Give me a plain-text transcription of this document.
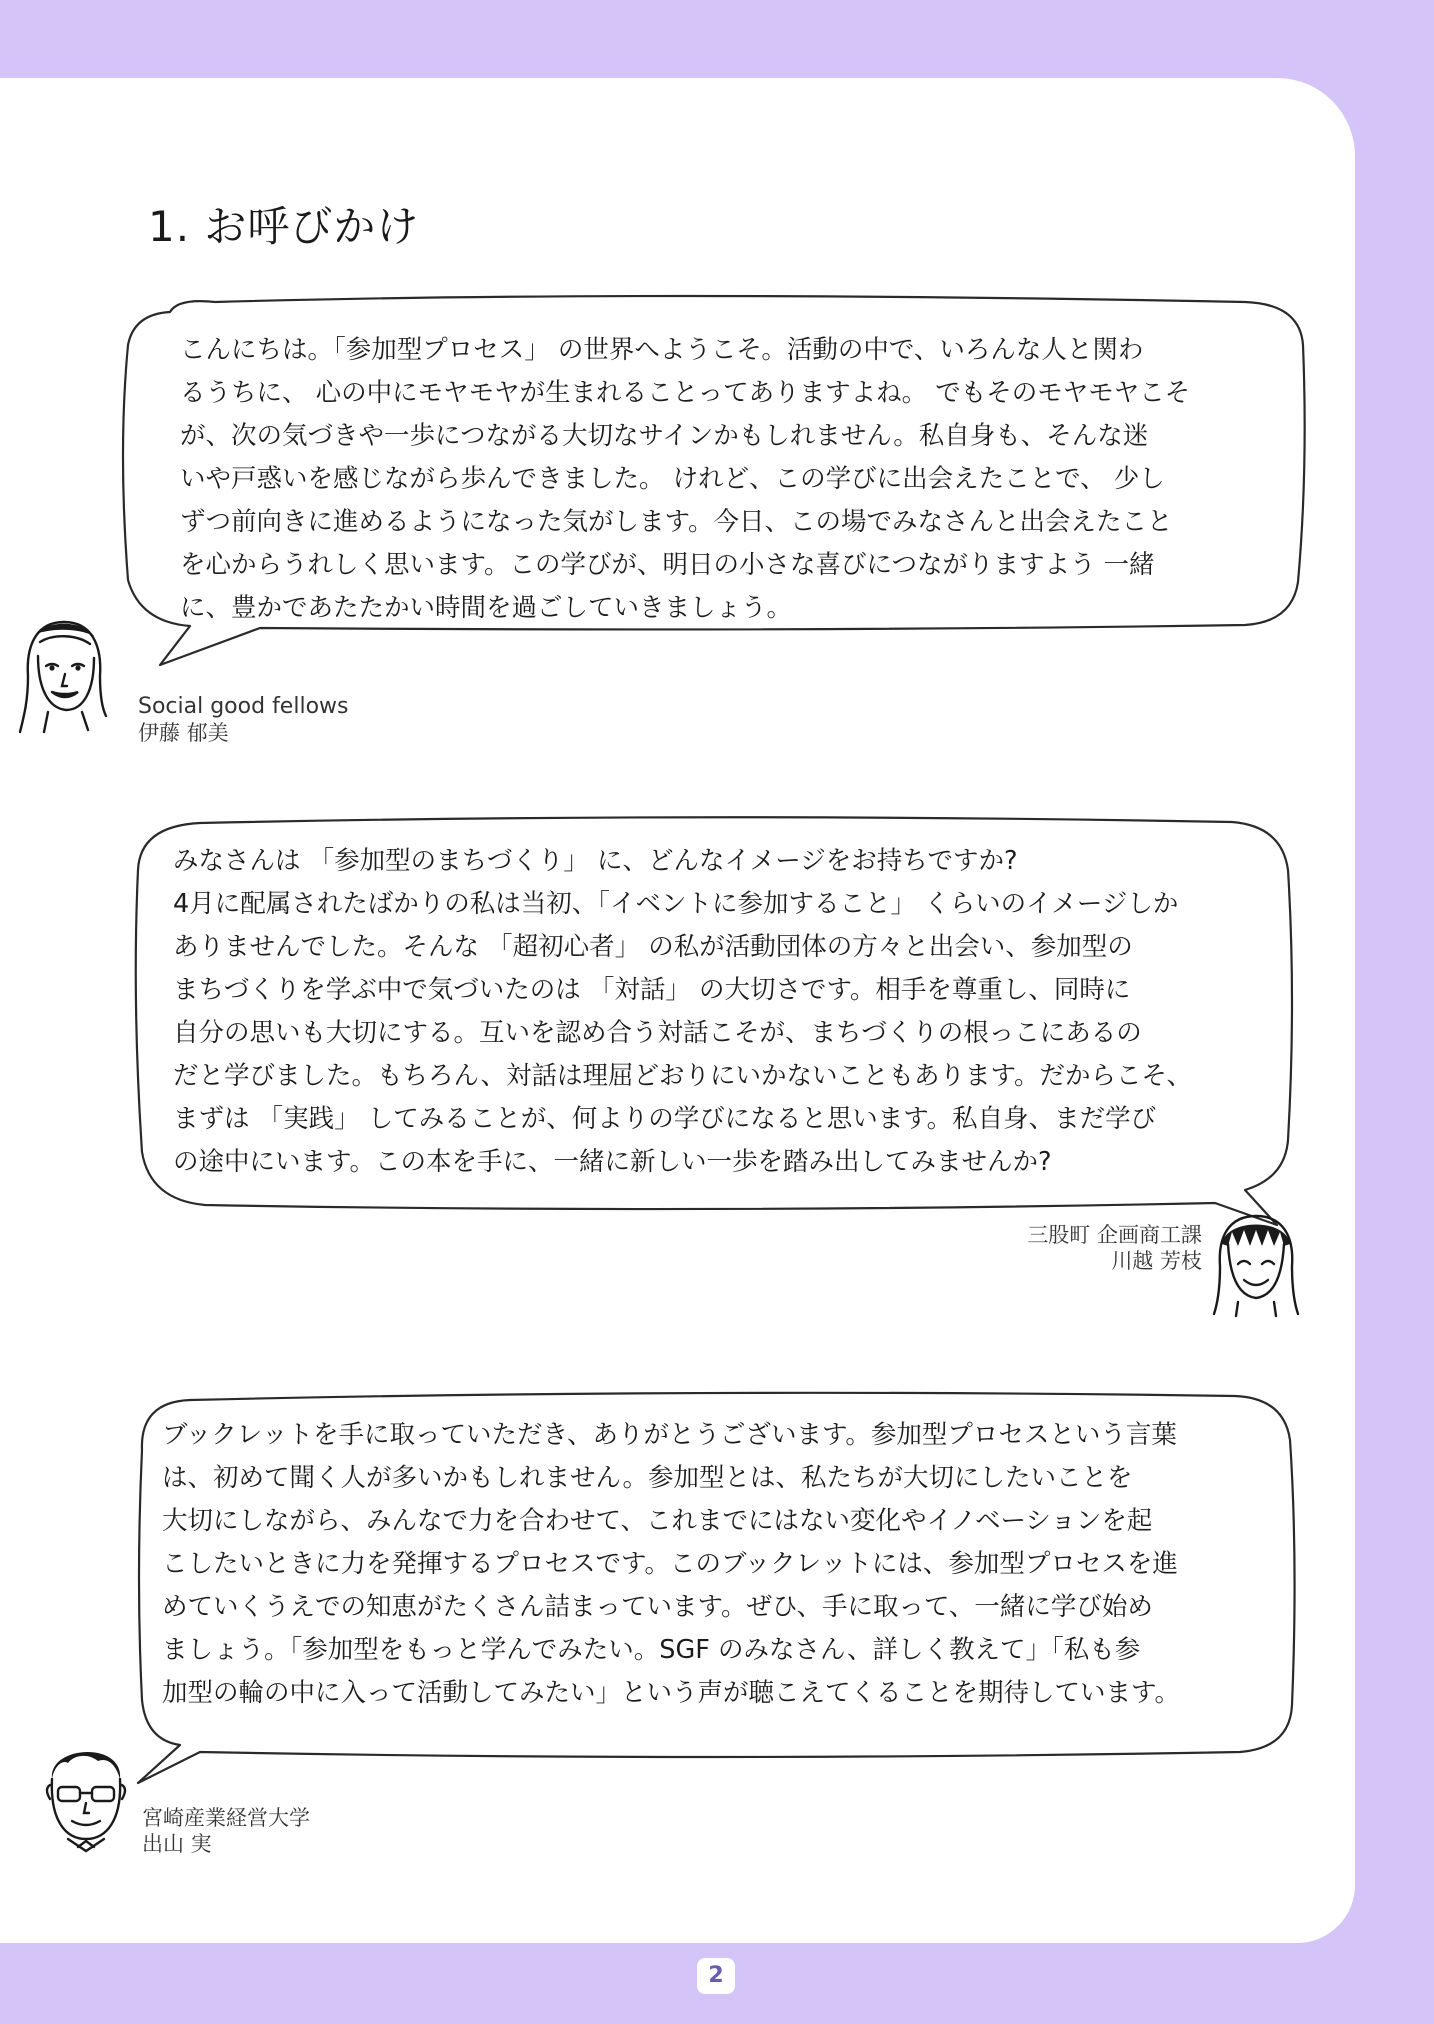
1. お呼びかけ
こんにちは。「参加型プロセス」 の世界へようこそ。活動の中で、いろんな人と関わ
るうちに、 心の中にモヤモヤが生まれることってありますよね。 でもそのモヤモヤこそ
が、次の気づきや一歩につながる大切なサインかもしれません。私自身も、そんな迷
いや戸惑いを感じながら歩んできました。 けれど、この学びに出会えたことで、 少し
ずつ前向きに進めるようになった気がします。今日、この場でみなさんと出会えたこと
を心からうれしく思います。この学びが、明日の小さな喜びにつながりますよう 一緒
に、豊かであたたかい時間を過ごしていきましょう。
Social good fellows
伊藤 郁美
みなさんは 「参加型のまちづくり」 に、どんなイメージをお持ちですか?
4月に配属されたばかりの私は当初、「イベントに参加すること」 くらいのイメージしか
ありませんでした。そんな 「超初心者」 の私が活動団体の方々と出会い、参加型の
まちづくりを学ぶ中で気づいたのは 「対話」 の大切さです。相手を尊重し、同時に
自分の思いも大切にする。互いを認め合う対話こそが、まちづくりの根っこにあるの
だと学びました。もちろん、対話は理屈どおりにいかないこともあります。だからこそ、
まずは 「実践」 してみることが、何よりの学びになると思います。私自身、まだ学び
の途中にいます。この本を手に、一緒に新しい一歩を踏み出してみませんか?
三股町 企画商工課
川越 芳枝
ブックレットを手に取っていただき、ありがとうございます。参加型プロセスという言葉
は、初めて聞く人が多いかもしれません。参加型とは、私たちが大切にしたいことを
大切にしながら、みんなで力を合わせて、これまでにはない変化やイノベーションを起
こしたいときに力を発揮するプロセスです。このブックレットには、参加型プロセスを進
めていくうえでの知恵がたくさん詰まっています。ぜひ、手に取って、一緒に学び始め
ましょう。「参加型をもっと学んでみたい。SGF のみなさん、詳しく教えて」「私も参
加型の輪の中に入って活動してみたい」という声が聴こえてくることを期待しています。
宮崎産業経営大学
出山 実
2
